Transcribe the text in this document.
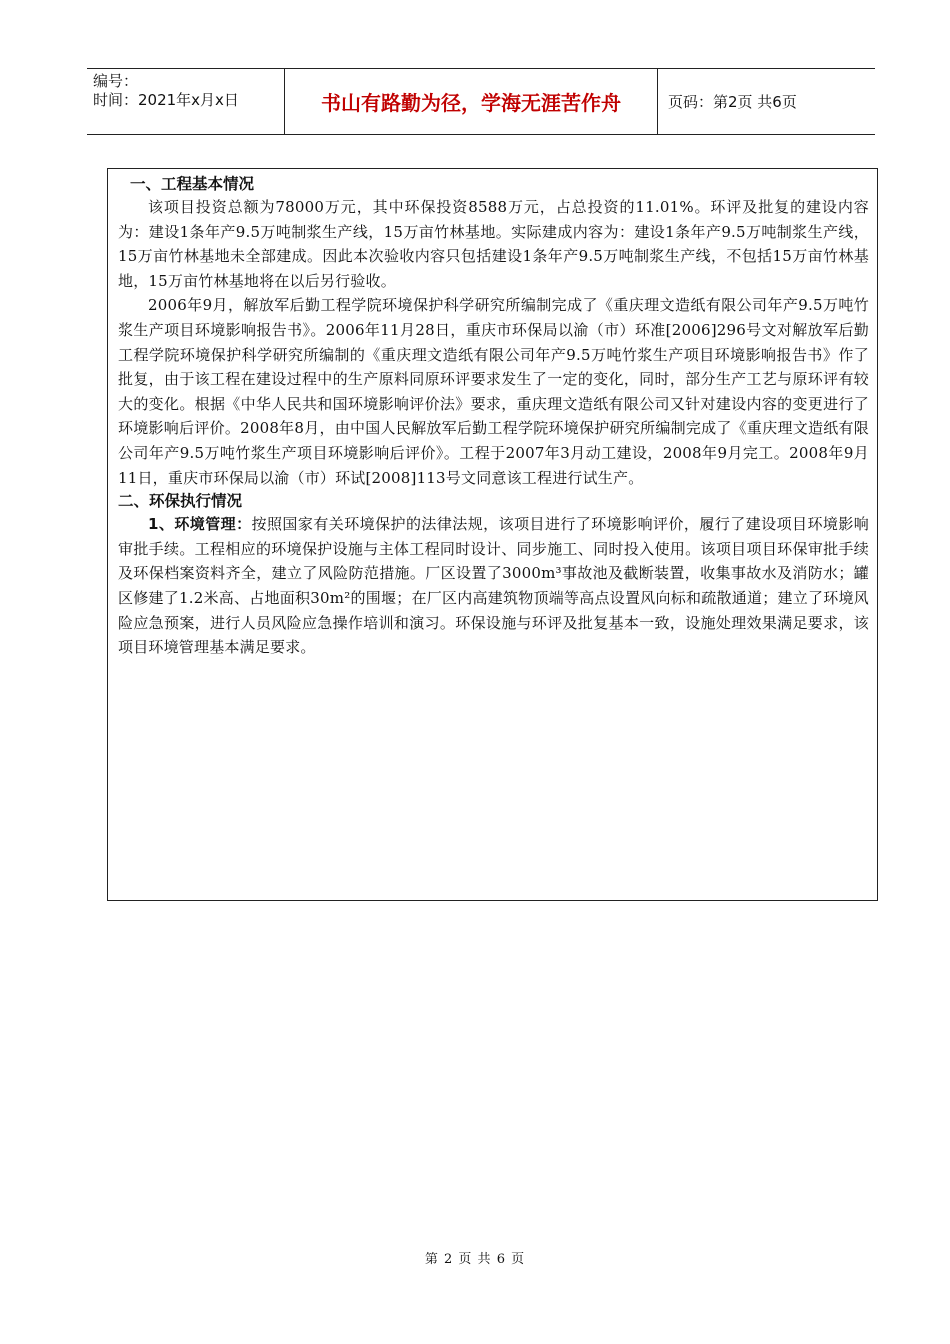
编号：
时间：2021年x月x日	书山有路勤为径，学海无涯苦作舟	页码：第2页 共6页

一、工程基本情况

该项目投资总额为78000万元，其中环保投资8588万元，占总投资的11.01%。环评及批复的建设内容为：建设1条年产9.5万吨制浆生产线，15万亩竹林基地。实际建成内容为：建设1条年产9.5万吨制浆生产线，15万亩竹林基地未全部建成。因此本次验收内容只包括建设1条年产9.5万吨制浆生产线，不包括15万亩竹林基地，15万亩竹林基地将在以后另行验收。

2006年9月，解放军后勤工程学院环境保护科学研究所编制完成了《重庆理文造纸有限公司年产9.5万吨竹浆生产项目环境影响报告书》。2006年11月28日，重庆市环保局以渝（市）环准[2006]296号文对解放军后勤工程学院环境保护科学研究所编制的《重庆理文造纸有限公司年产9.5万吨竹浆生产项目环境影响报告书》作了批复，由于该工程在建设过程中的生产原料同原环评要求发生了一定的变化，同时，部分生产工艺与原环评有较大的变化。根据《中华人民共和国环境影响评价法》要求，重庆理文造纸有限公司又针对建设内容的变更进行了环境影响后评价。2008年8月，由中国人民解放军后勤工程学院环境保护研究所编制完成了《重庆理文造纸有限公司年产9.5万吨竹浆生产项目环境影响后评价》。工程于2007年3月动工建设，2008年9月完工。2008年9月11日，重庆市环保局以渝（市）环试[2008]113号文同意该工程进行试生产。

二、环保执行情况

1、环境管理：按照国家有关环境保护的法律法规，该项目进行了环境影响评价，履行了建设项目环境影响审批手续。工程相应的环境保护设施与主体工程同时设计、同步施工、同时投入使用。该项目项目环保审批手续及环保档案资料齐全，建立了风险防范措施。厂区设置了3000m³事故池及截断装置，收集事故水及消防水；罐区修建了1.2米高、占地面积30m²的围堰；在厂区内高建筑物顶端等高点设置风向标和疏散通道；建立了环境风险应急预案，进行人员风险应急操作培训和演习。环保设施与环评及批复基本一致，设施处理效果满足要求，该项目环境管理基本满足要求。

第 2 页 共 6 页
